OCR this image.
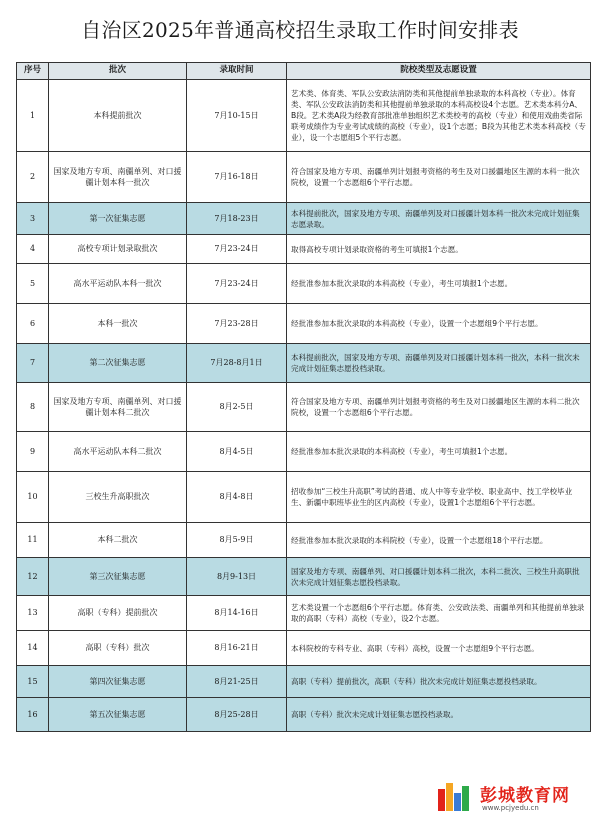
自治区2025年普通高校招生录取工作时间安排表
序号	批次	录取时间	院校类型及志愿设置
1	本科提前批次	7月10-15日	艺术类、体育类、军队公安政法消防类和其他提前单独录取的本科高校（专业）。体育类、军队公安政法消防类和其他提前单独录取的本科高校设4个志愿。艺术类本科分A、B段。艺术类A段为经教育部批准单独组织艺术类校考的高校（专业）和使用戏曲类省际联考成绩作为专业考试成绩的高校（专业），设1个志愿；B段为其他艺术类本科高校（专业），设一个志愿组5个平行志愿。
2	国家及地方专项、南疆单列、对口援疆计划本科一批次	7月16-18日	符合国家及地方专项、南疆单列计划报考资格的考生及对口援疆地区生源的本科一批次院校，设置一个志愿组6个平行志愿。
3	第一次征集志愿	7月18-23日	本科提前批次，国家及地方专项、南疆单列及对口援疆计划本科一批次未完成计划征集志愿录取。
4	高校专项计划录取批次	7月23-24日	取得高校专项计划录取资格的考生可填报1个志愿。
5	高水平运动队本科一批次	7月23-24日	经批准参加本批次录取的本科高校（专业），考生可填报1个志愿。
6	本科一批次	7月23-28日	经批准参加本批次录取的本科高校（专业），设置一个志愿组9个平行志愿。
7	第二次征集志愿	7月28-8月1日	本科提前批次，国家及地方专项、南疆单列及对口援疆计划本科一批次，本科一批次未完成计划征集志愿投档录取。
8	国家及地方专项、南疆单列、对口援疆计划本科二批次	8月2-5日	符合国家及地方专项、南疆单列计划报考资格的考生及对口援疆地区生源的本科二批次院校，设置一个志愿组6个平行志愿。
9	高水平运动队本科二批次	8月4-5日	经批准参加本批次录取的本科高校（专业），考生可填报1个志愿。
10	三校生升高职批次	8月4-8日	招收参加“三校生升高职”考试的普通、成人中等专业学校、职业高中、技工学校毕业生、新疆中职班毕业生的区内高校（专业），设置1个志愿组6个平行志愿。
11	本科二批次	8月5-9日	经批准参加本批次录取的本科院校（专业），设置一个志愿组18个平行志愿。
12	第三次征集志愿	8月9-13日	国家及地方专项、南疆单列、对口援疆计划本科二批次，本科二批次、三校生升高职批次未完成计划征集志愿投档录取。
13	高职（专科）提前批次	8月14-16日	艺术类设置一个志愿组6个平行志愿。体育类、公安政法类、南疆单列和其他提前单独录取的高职（专科）高校（专业），设2个志愿。
14	高职（专科）批次	8月16-21日	本科院校的专科专业、高职（专科）高校，设置一个志愿组9个平行志愿。
15	第四次征集志愿	8月21-25日	高职（专科）提前批次，高职（专科）批次未完成计划征集志愿投档录取。
16	第五次征集志愿	8月25-28日	高职（专科）批次未完成计划征集志愿投档录取。
彭城教育网
www.pcjyedu.cn
